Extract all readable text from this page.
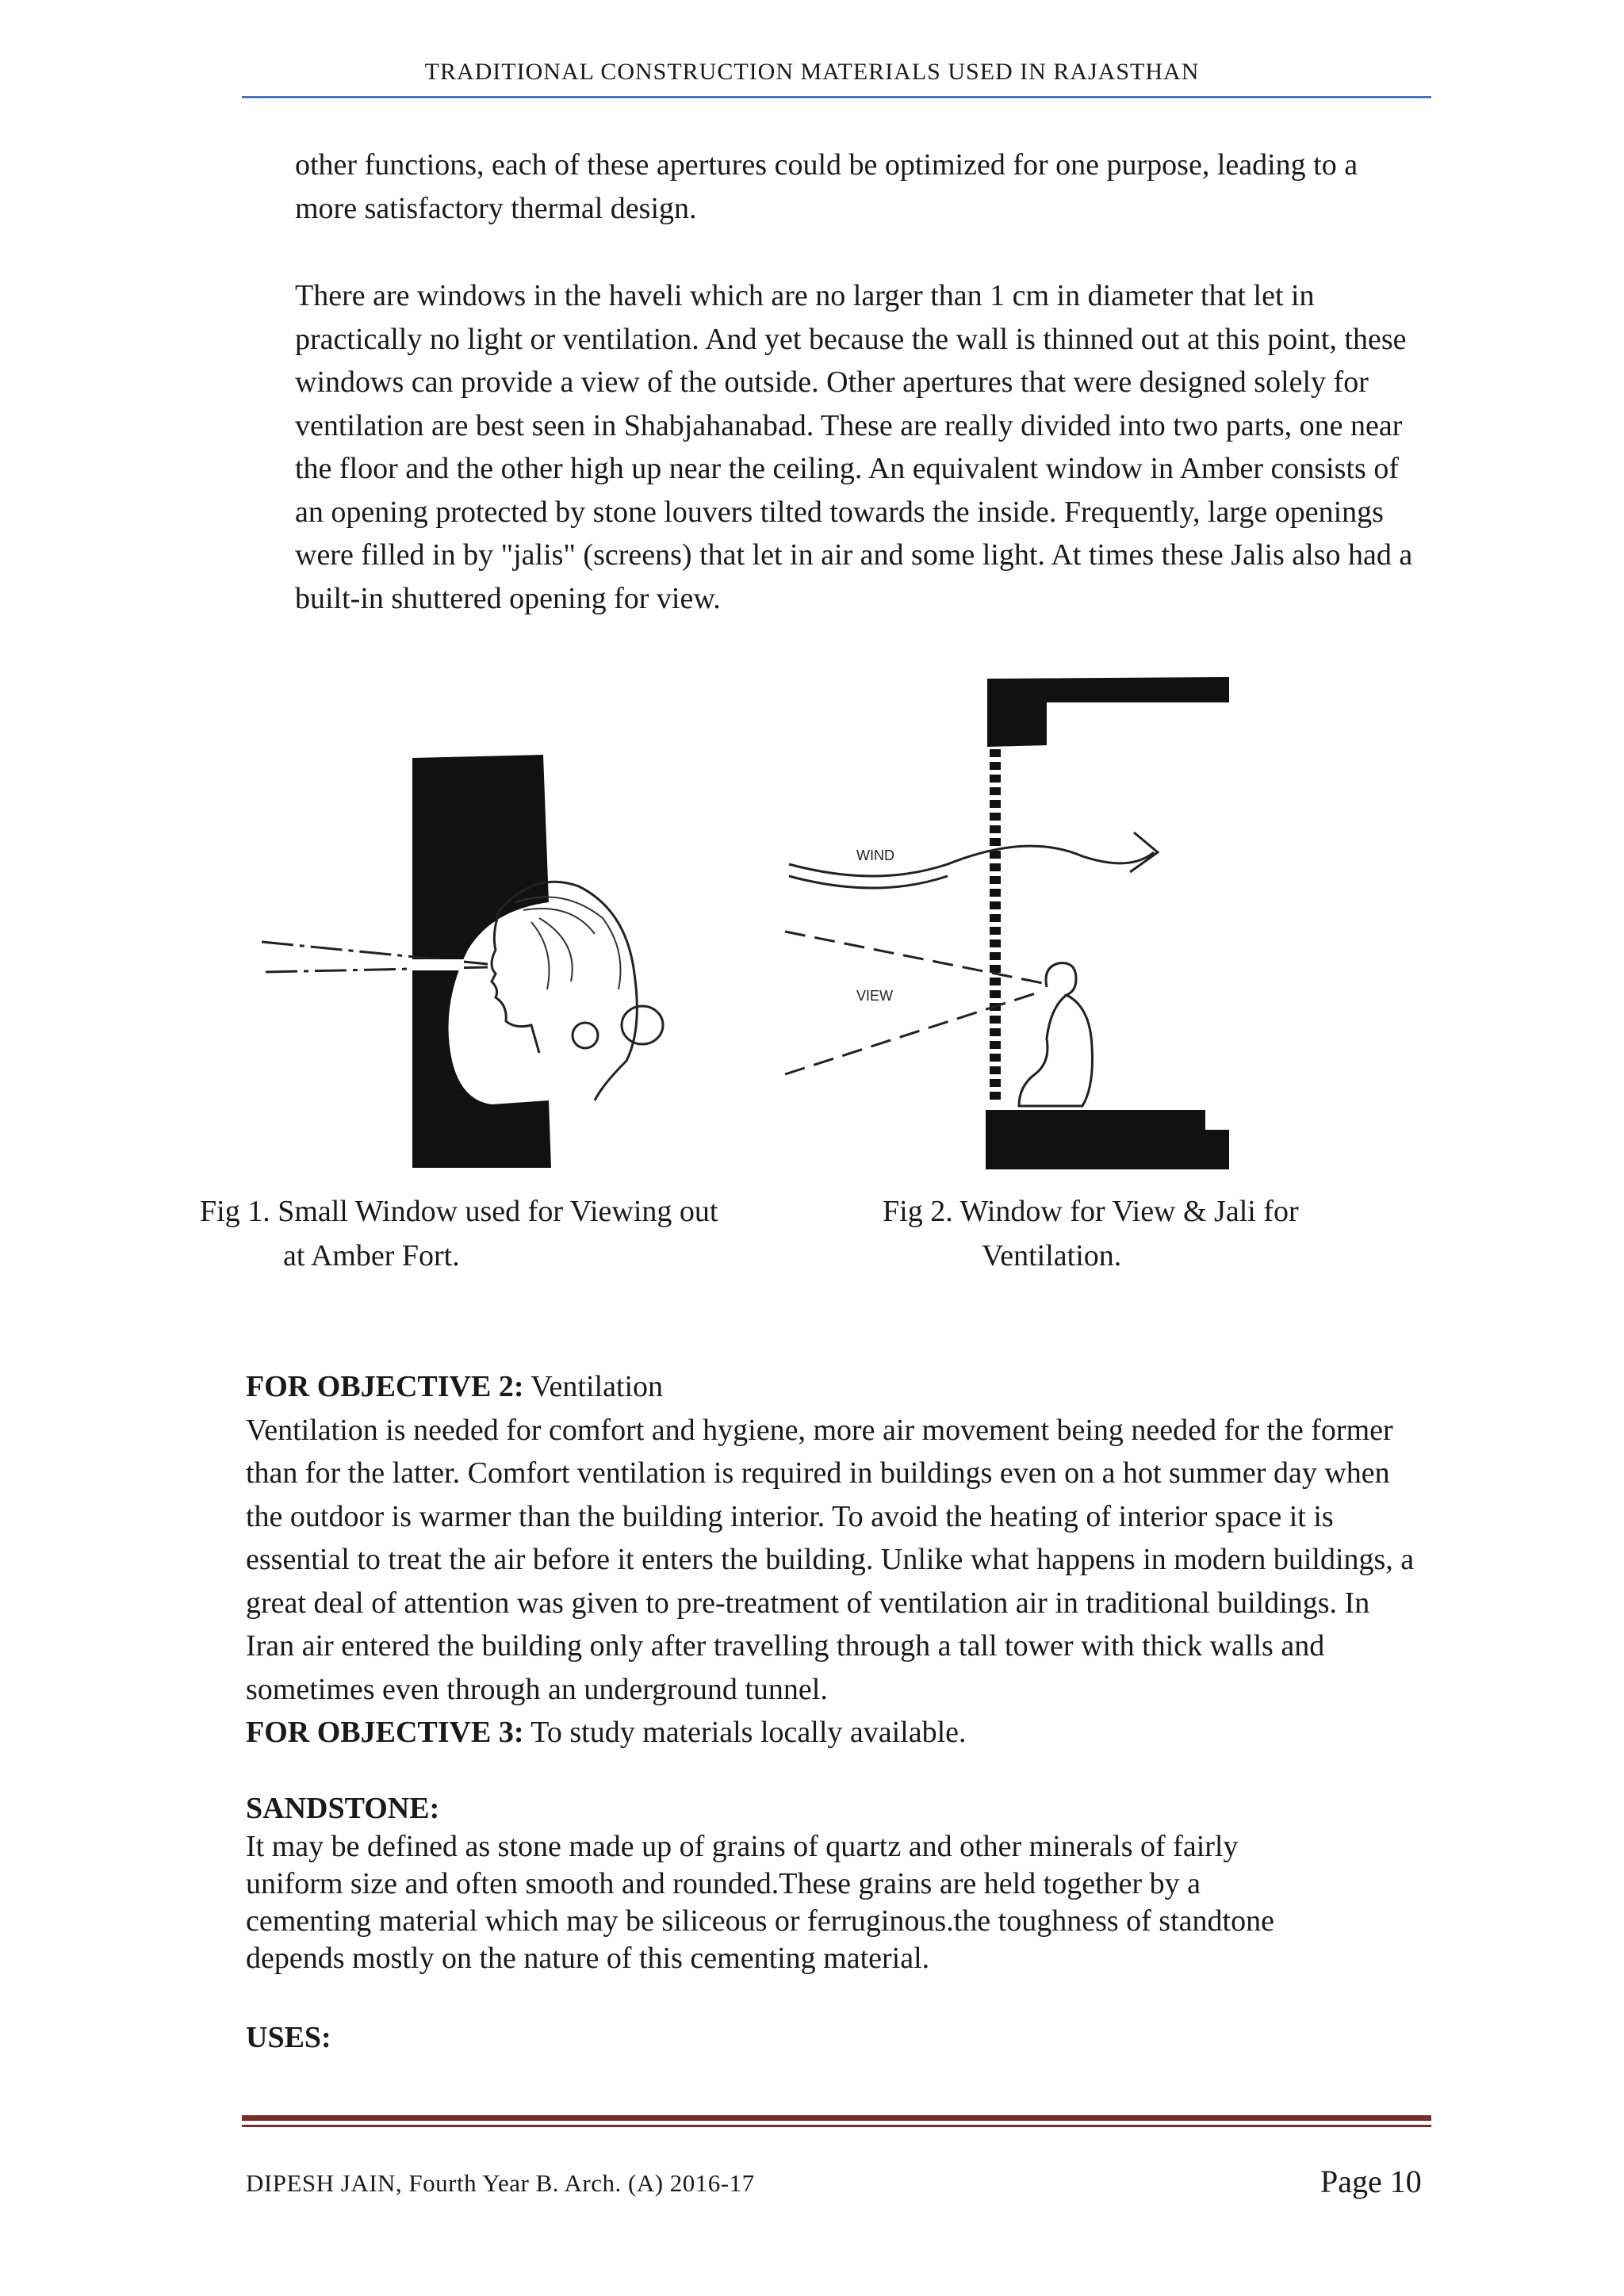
TRADITIONAL CONSTRUCTION MATERIALS USED IN RAJASTHAN
other functions, each of these apertures could be optimized for one purpose, leading to a more satisfactory thermal design.
There are windows in the haveli which are no larger than 1 cm in diameter that let in practically no light or ventilation. And yet because the wall is thinned out at this point, these windows can provide a view of the outside. Other apertures that were designed solely for ventilation are best seen in Shabjahanabad. These are really divided into two parts, one near the floor and the other high up near the ceiling. An equivalent window in Amber consists of an opening protected by stone louvers tilted towards the inside. Frequently, large openings were filled in by "jalis" (screens) that let in air and some light. At times these Jalis also had a built-in shuttered opening for view.
WIND
VIEW
Fig 1. Small Window used for Viewing out
at Amber Fort.
Fig 2. Window for View & Jali for
Ventilation.
FOR OBJECTIVE 2: Ventilation
Ventilation is needed for comfort and hygiene, more air movement being needed for the former than for the latter. Comfort ventilation is required in buildings even on a hot summer day when the outdoor is warmer than the building interior. To avoid the heating of interior space it is essential to treat the air before it enters the building. Unlike what happens in modern buildings, a great deal of attention was given to pre-treatment of ventilation air in traditional buildings. In Iran air entered the building only after travelling through a tall tower with thick walls and sometimes even through an underground tunnel.
FOR OBJECTIVE 3: To study materials locally available.
SANDSTONE:
It may be defined as stone made up of grains of quartz and other minerals of fairly
uniform size and often smooth and rounded.These grains are held together by a
cementing material which may be siliceous or ferruginous.the toughness of standtone
depends mostly on the nature of this cementing material.
USES:
DIPESH JAIN, Fourth Year B. Arch. (A) 2016-17	Page 10
